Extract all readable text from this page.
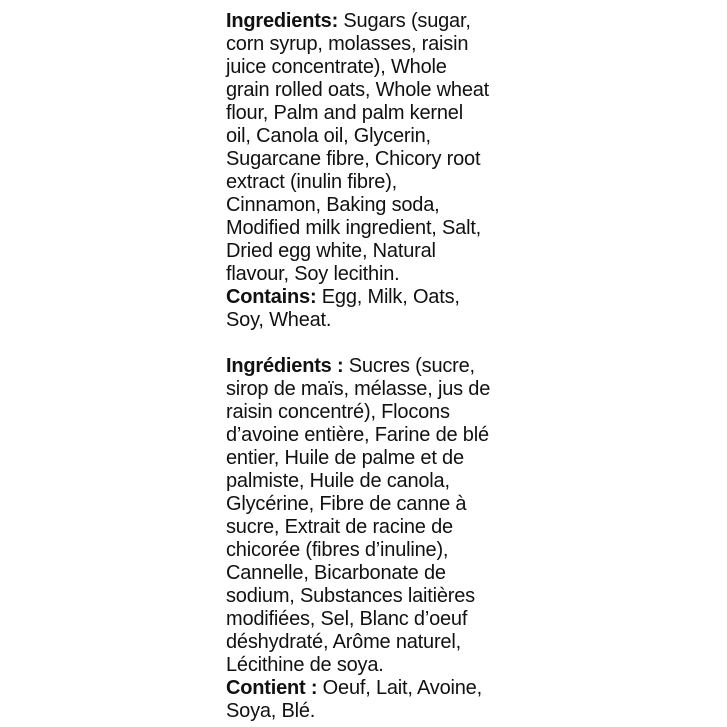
Ingredients: Sugars (sugar,
corn syrup, molasses, raisin
juice concentrate), Whole
grain rolled oats, Whole wheat
flour, Palm and palm kernel
oil, Canola oil, Glycerin,
Sugarcane fibre, Chicory root
extract (inulin fibre),
Cinnamon, Baking soda,
Modified milk ingredient, Salt,
Dried egg white, Natural
flavour, Soy lecithin.
Contains: Egg, Milk, Oats,
Soy, Wheat.
Ingrédients : Sucres (sucre,
sirop de maïs, mélasse, jus de
raisin concentré), Flocons
d’avoine entière, Farine de blé
entier, Huile de palme et de
palmiste, Huile de canola,
Glycérine, Fibre de canne à
sucre, Extrait de racine de
chicorée (fibres d’inuline),
Cannelle, Bicarbonate de
sodium, Substances laitières
modifiées, Sel, Blanc d’oeuf
déshydraté, Arôme naturel,
Lécithine de soya.
Contient : Oeuf, Lait, Avoine,
Soya, Blé.
